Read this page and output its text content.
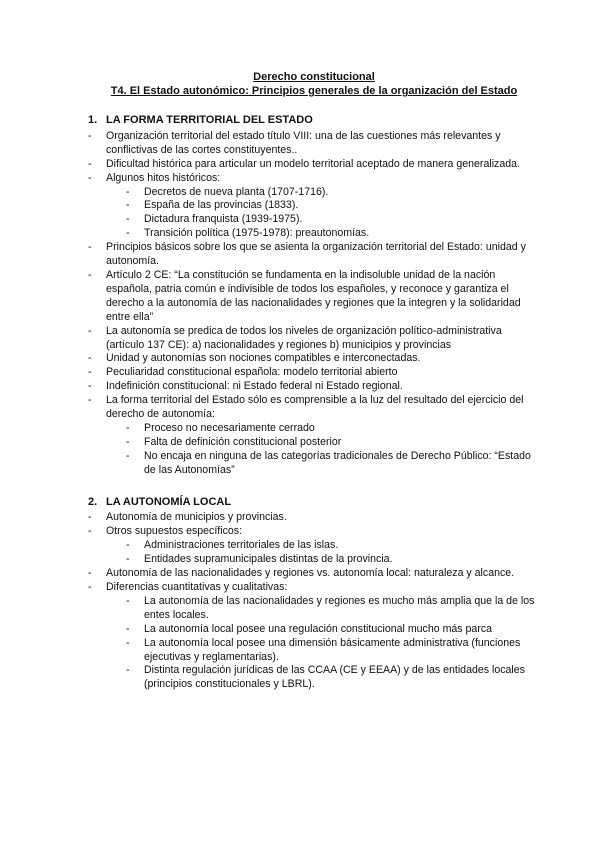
Derecho constitucional
T4. El Estado autonómico: Principios generales de la organización del Estado
1. LA FORMA TERRITORIAL DEL ESTADO
- Organización territorial del estado título VIII: una de las cuestiones más relevantes y conflictivas de las cortes constituyentes..
- Dificultad histórica para articular un modelo territorial aceptado de manera generalizada.
- Algunos hitos históricos:
- Decretos de nueva planta (1707-1716).
- España de las provincias (1833).
- Dictadura franquista (1939-1975).
- Transición política (1975-1978): preautonomías.
- Principios básicos sobre los que se asienta la organización territorial del Estado: unidad y autonomía.
- Artículo 2 CE: “La constitución se fundamenta en la indisoluble unidad de la nación española, patria común e indivisible de todos los españoles, y reconoce y garantiza el derecho a la autonomía de las nacionalidades y regiones que la integren y la solidaridad entre ella”
- La autonomía se predica de todos los niveles de organización político-administrativa (artículo 137 CE): a) nacionalidades y regiones b) municipios y provincias
- Unidad y autonomías son nociones compatibles e interconectadas.
- Peculiaridad constitucional española: modelo territorial abierto
- Indefinición constitucional: ni Estado federal ni Estado regional.
- La forma territorial del Estado sólo es comprensible a la luz del resultado del ejercicio del derecho de autonomía:
- Proceso no necesariamente cerrado
- Falta de definición constitucional posterior
- No encaja en ninguna de las categorías tradicionales de Derecho Público: “Estado de las Autonomías”
2. LA AUTONOMÍA LOCAL
- Autonomía de municipios y provincias.
- Otros supuestos específicos:
- Administraciones territoriales de las islas.
- Entidades supramunicipales distintas de la provincia.
- Autonomía de las nacionalidades y regiones vs. autonomía local: naturaleza y alcance.
- Diferencias cuantitativas y cualitativas:
- La autonomía de las nacionalidades y regiones es mucho más amplia que la de los entes locales.
- La autonomía local posee una regulación constitucional mucho más parca
- La autonomía local posee una dimensión básicamente administrativa (funciones ejecutivas y reglamentarias).
- Distinta regulación jurídicas de las CCAA (CE y EEAA) y de las entidades locales (principios constitucionales y LBRL).
